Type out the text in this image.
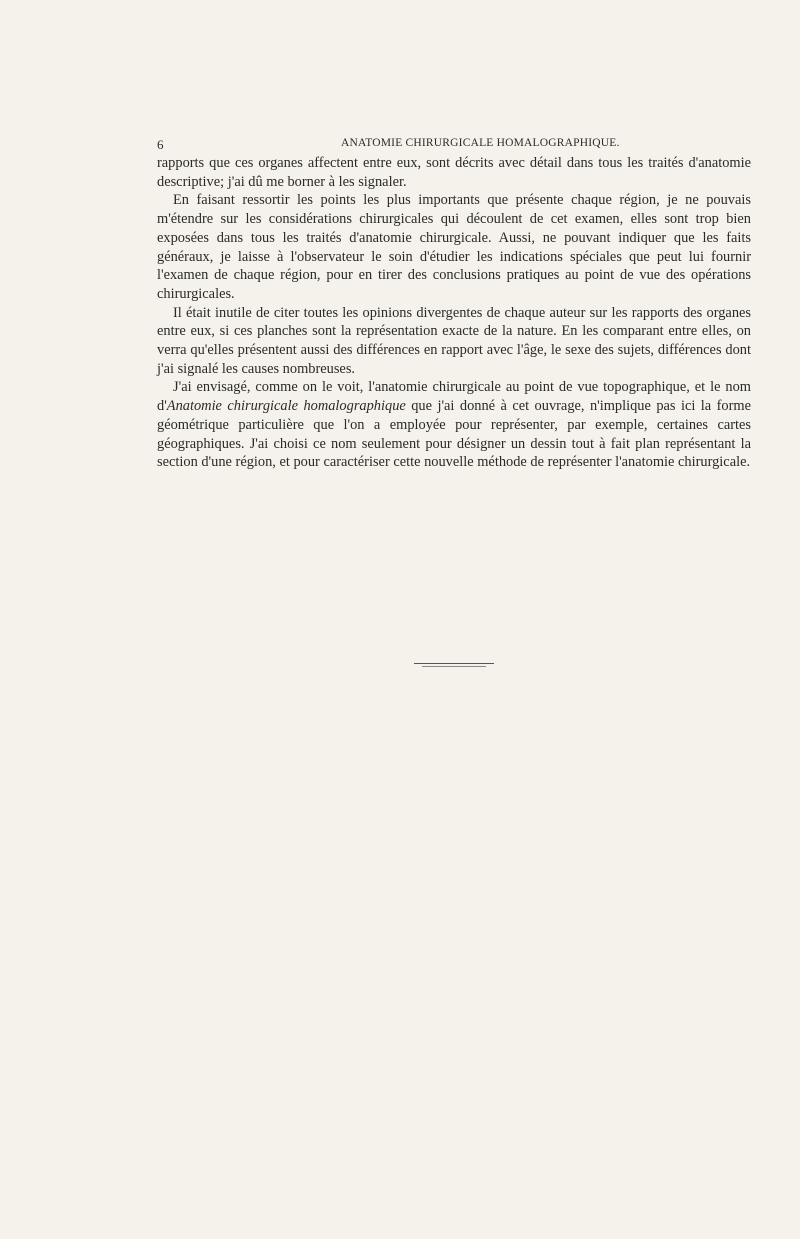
6	ANATOMIE CHIRURGICALE HOMALOGRAPHIQUE.

rapports que ces organes affectent entre eux, sont décrits avec détail dans tous les traités d'anatomie descriptive; j'ai dû me borner à les signaler.

En faisant ressortir les points les plus importants que présente chaque région, je ne pouvais m'étendre sur les considérations chirurgicales qui découlent de cet examen, elles sont trop bien exposées dans tous les traités d'anatomie chirurgicale. Aussi, ne pouvant indiquer que les faits généraux, je laisse à l'observateur le soin d'étudier les indications spéciales que peut lui fournir l'examen de chaque région, pour en tirer des conclusions pratiques au point de vue des opérations chirurgicales.

Il était inutile de citer toutes les opinions divergentes de chaque auteur sur les rapports des organes entre eux, si ces planches sont la représentation exacte de la nature. En les comparant entre elles, on verra qu'elles présentent aussi des différences en rapport avec l'âge, le sexe des sujets, différences dont j'ai signalé les causes nombreuses.

J'ai envisagé, comme on le voit, l'anatomie chirurgicale au point de vue topographique, et le nom d'Anatomie chirurgicale homalographique que j'ai donné à cet ouvrage, n'implique pas ici la forme géométrique particulière que l'on a employée pour représenter, par exemple, certaines cartes géographiques. J'ai choisi ce nom seulement pour désigner un dessin tout à fait plan représentant la section d'une région, et pour caractériser cette nouvelle méthode de représenter l'anatomie chirurgicale.
